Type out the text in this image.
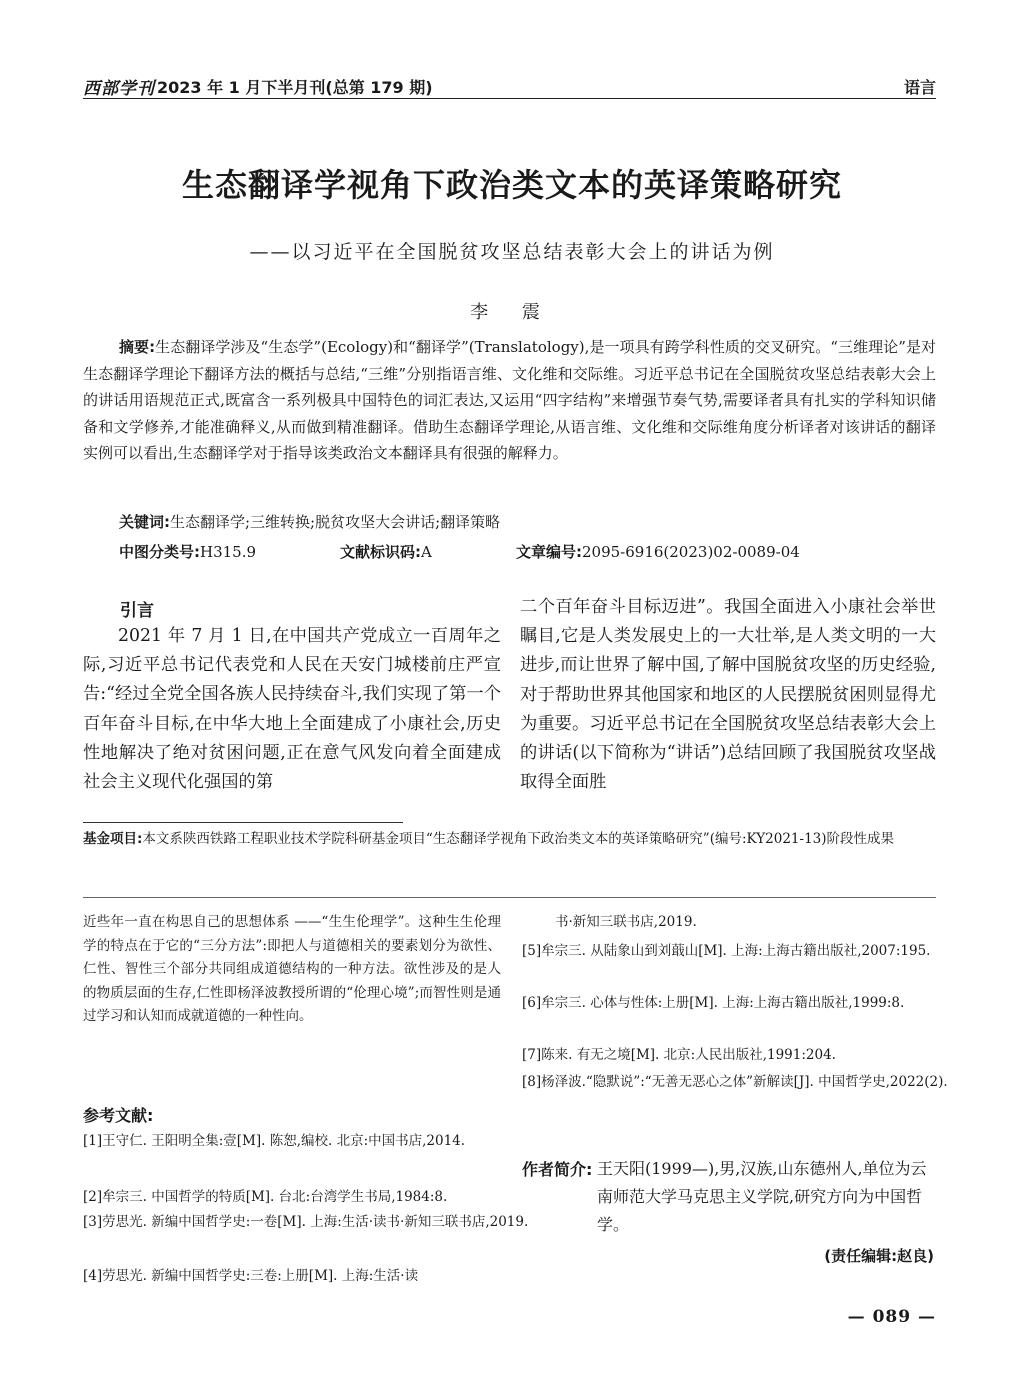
西部学刊 2023 年 1 月下半月刊(总第 179 期)	语言
生态翻译学视角下政治类文本的英译策略研究
——以习近平在全国脱贫攻坚总结表彰大会上的讲话为例
李 震
摘要:生态翻译学涉及“生态学”(Ecology)和“翻译学”(Translatology),是一项具有跨学科性质的交叉研究。“三维理论”是对生态翻译学理论下翻译方法的概括与总结,“三维”分别指语言维、文化维和交际维。习近平总书记在全国脱贫攻坚总结表彰大会上的讲话用语规范正式,既富含一系列极具中国特色的词汇表达,又运用“四字结构”来增强节奏气势,需要译者具有扎实的学科知识储备和文学修养,才能准确释义,从而做到精准翻译。借助生态翻译学理论,从语言维、文化维和交际维角度分析译者对该讲话的翻译实例可以看出,生态翻译学对于指导该类政治文本翻译具有很强的解释力。
关键词:生态翻译学;三维转换;脱贫攻坚大会讲话;翻译策略
中图分类号:H315.9	文献标识码:A	文章编号:2095-6916(2023)02-0089-04
引言
2021 年 7 月 1 日,在中国共产党成立一百周年之际,习近平总书记代表党和人民在天安门城楼前庄严宣告:“经过全党全国各族人民持续奋斗,我们实现了第一个百年奋斗目标,在中华大地上全面建成了小康社会,历史性地解决了绝对贫困问题,正在意气风发向着全面建成社会主义现代化强国的第
二个百年奋斗目标迈进”。我国全面进入小康社会举世瞩目,它是人类发展史上的一大壮举,是人类文明的一大进步,而让世界了解中国,了解中国脱贫攻坚的历史经验,对于帮助世界其他国家和地区的人民摆脱贫困则显得尤为重要。习近平总书记在全国脱贫攻坚总结表彰大会上的讲话(以下简称为“讲话”)总结回顾了我国脱贫攻坚战取得全面胜
基金项目:本文系陕西铁路工程职业技术学院科研基金项目“生态翻译学视角下政治类文本的英译策略研究”(编号:KY2021-13)阶段性成果
近些年一直在构思自己的思想体系 ——“生生伦理学”。这种生生伦理学的特点在于它的“三分方法”:即把人与道德相关的要素划分为欲性、仁性、智性三个部分共同组成道德结构的一种方法。欲性涉及的是人的物质层面的生存,仁性即杨泽波教授所谓的“伦理心境”;而智性则是通过学习和认知而成就道德的一种性向。
参考文献:
[1]王守仁. 王阳明全集:壹[M]. 陈恕,编校. 北京:中国书店,2014.
[2]牟宗三. 中国哲学的特质[M]. 台北:台湾学生书局,1984:8.
[3]劳思光. 新编中国哲学史:一卷[M]. 上海:生活·读书·新知三联书店,2019.
[4]劳思光. 新编中国哲学史:三卷:上册[M]. 上海:生活·读
书·新知三联书店,2019.
[5]牟宗三. 从陆象山到刘蕺山[M]. 上海:上海古籍出版社,2007:195.
[6]牟宗三. 心体与性体:上册[M]. 上海:上海古籍出版社,1999:8.
[7]陈来. 有无之境[M]. 北京:人民出版社,1991:204.
[8]杨泽波.“隐默说”:“无善无恶心之体”新解读[J]. 中国哲学史,2022(2).
作者简介: 王天阳(1999—),男,汉族,山东德州人,单位为云南师范大学马克思主义学院,研究方向为中国哲学。
(责任编辑:赵良)
— 089 —
